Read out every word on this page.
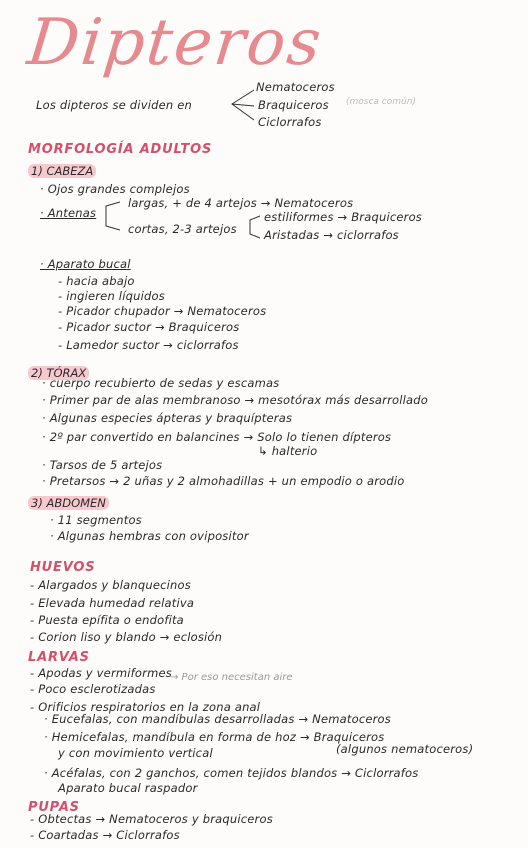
Dipteros
Los dipteros se dividen en
Nematoceros
Braquiceros (mosca común)
Ciclorrafos
MORFOLOGÍA ADULTOS
1) CABEZA
· Ojos grandes complejos
· Antenas
largas, + de 4 artejos → Nematoceros
cortas, 2-3 artejos
estiliformes → Braquiceros
Aristadas → ciclorrafos
· Aparato bucal
- hacia abajo
- ingieren líquidos
- Picador chupador → Nematoceros
- Picador suctor → Braquiceros
- Lamedor suctor → ciclorrafos
2) TÓRAX
· cuerpo recubierto de sedas y escamas
· Primer par de alas membranoso → mesotórax más desarrollado
· Algunas especies ápteras y braquípteras
· 2º par convertido en balancines → Solo lo tienen dípteros
↳ halterio
· Tarsos de 5 artejos
· Pretarsos → 2 uñas y 2 almohadillas + un empodio o arodio
3) ABDOMEN
· 11 segmentos
· Algunas hembras con ovipositor
HUEVOS
- Alargados y blanquecinos
- Elevada humedad relativa
- Puesta epífita o endofita
- Corion liso y blando → eclosión
LARVAS
- Apodas y vermiformes
- Poco esclerotizadas
→ Por eso necesitan aire
- Orificios respiratorios en la zona anal
· Eucefalas, con mandíbulas desarrolladas → Nematoceros
· Hemicefalas, mandíbula en forma de hoz → Braquiceros
y con movimiento vertical	(algunos nematoceros)
· Acéfalas, con 2 ganchos, comen tejidos blandos → Ciclorrafos
Aparato bucal raspador
PUPAS
- Obtectas → Nematoceros y braquiceros
- Coartadas → Ciclorrafos
